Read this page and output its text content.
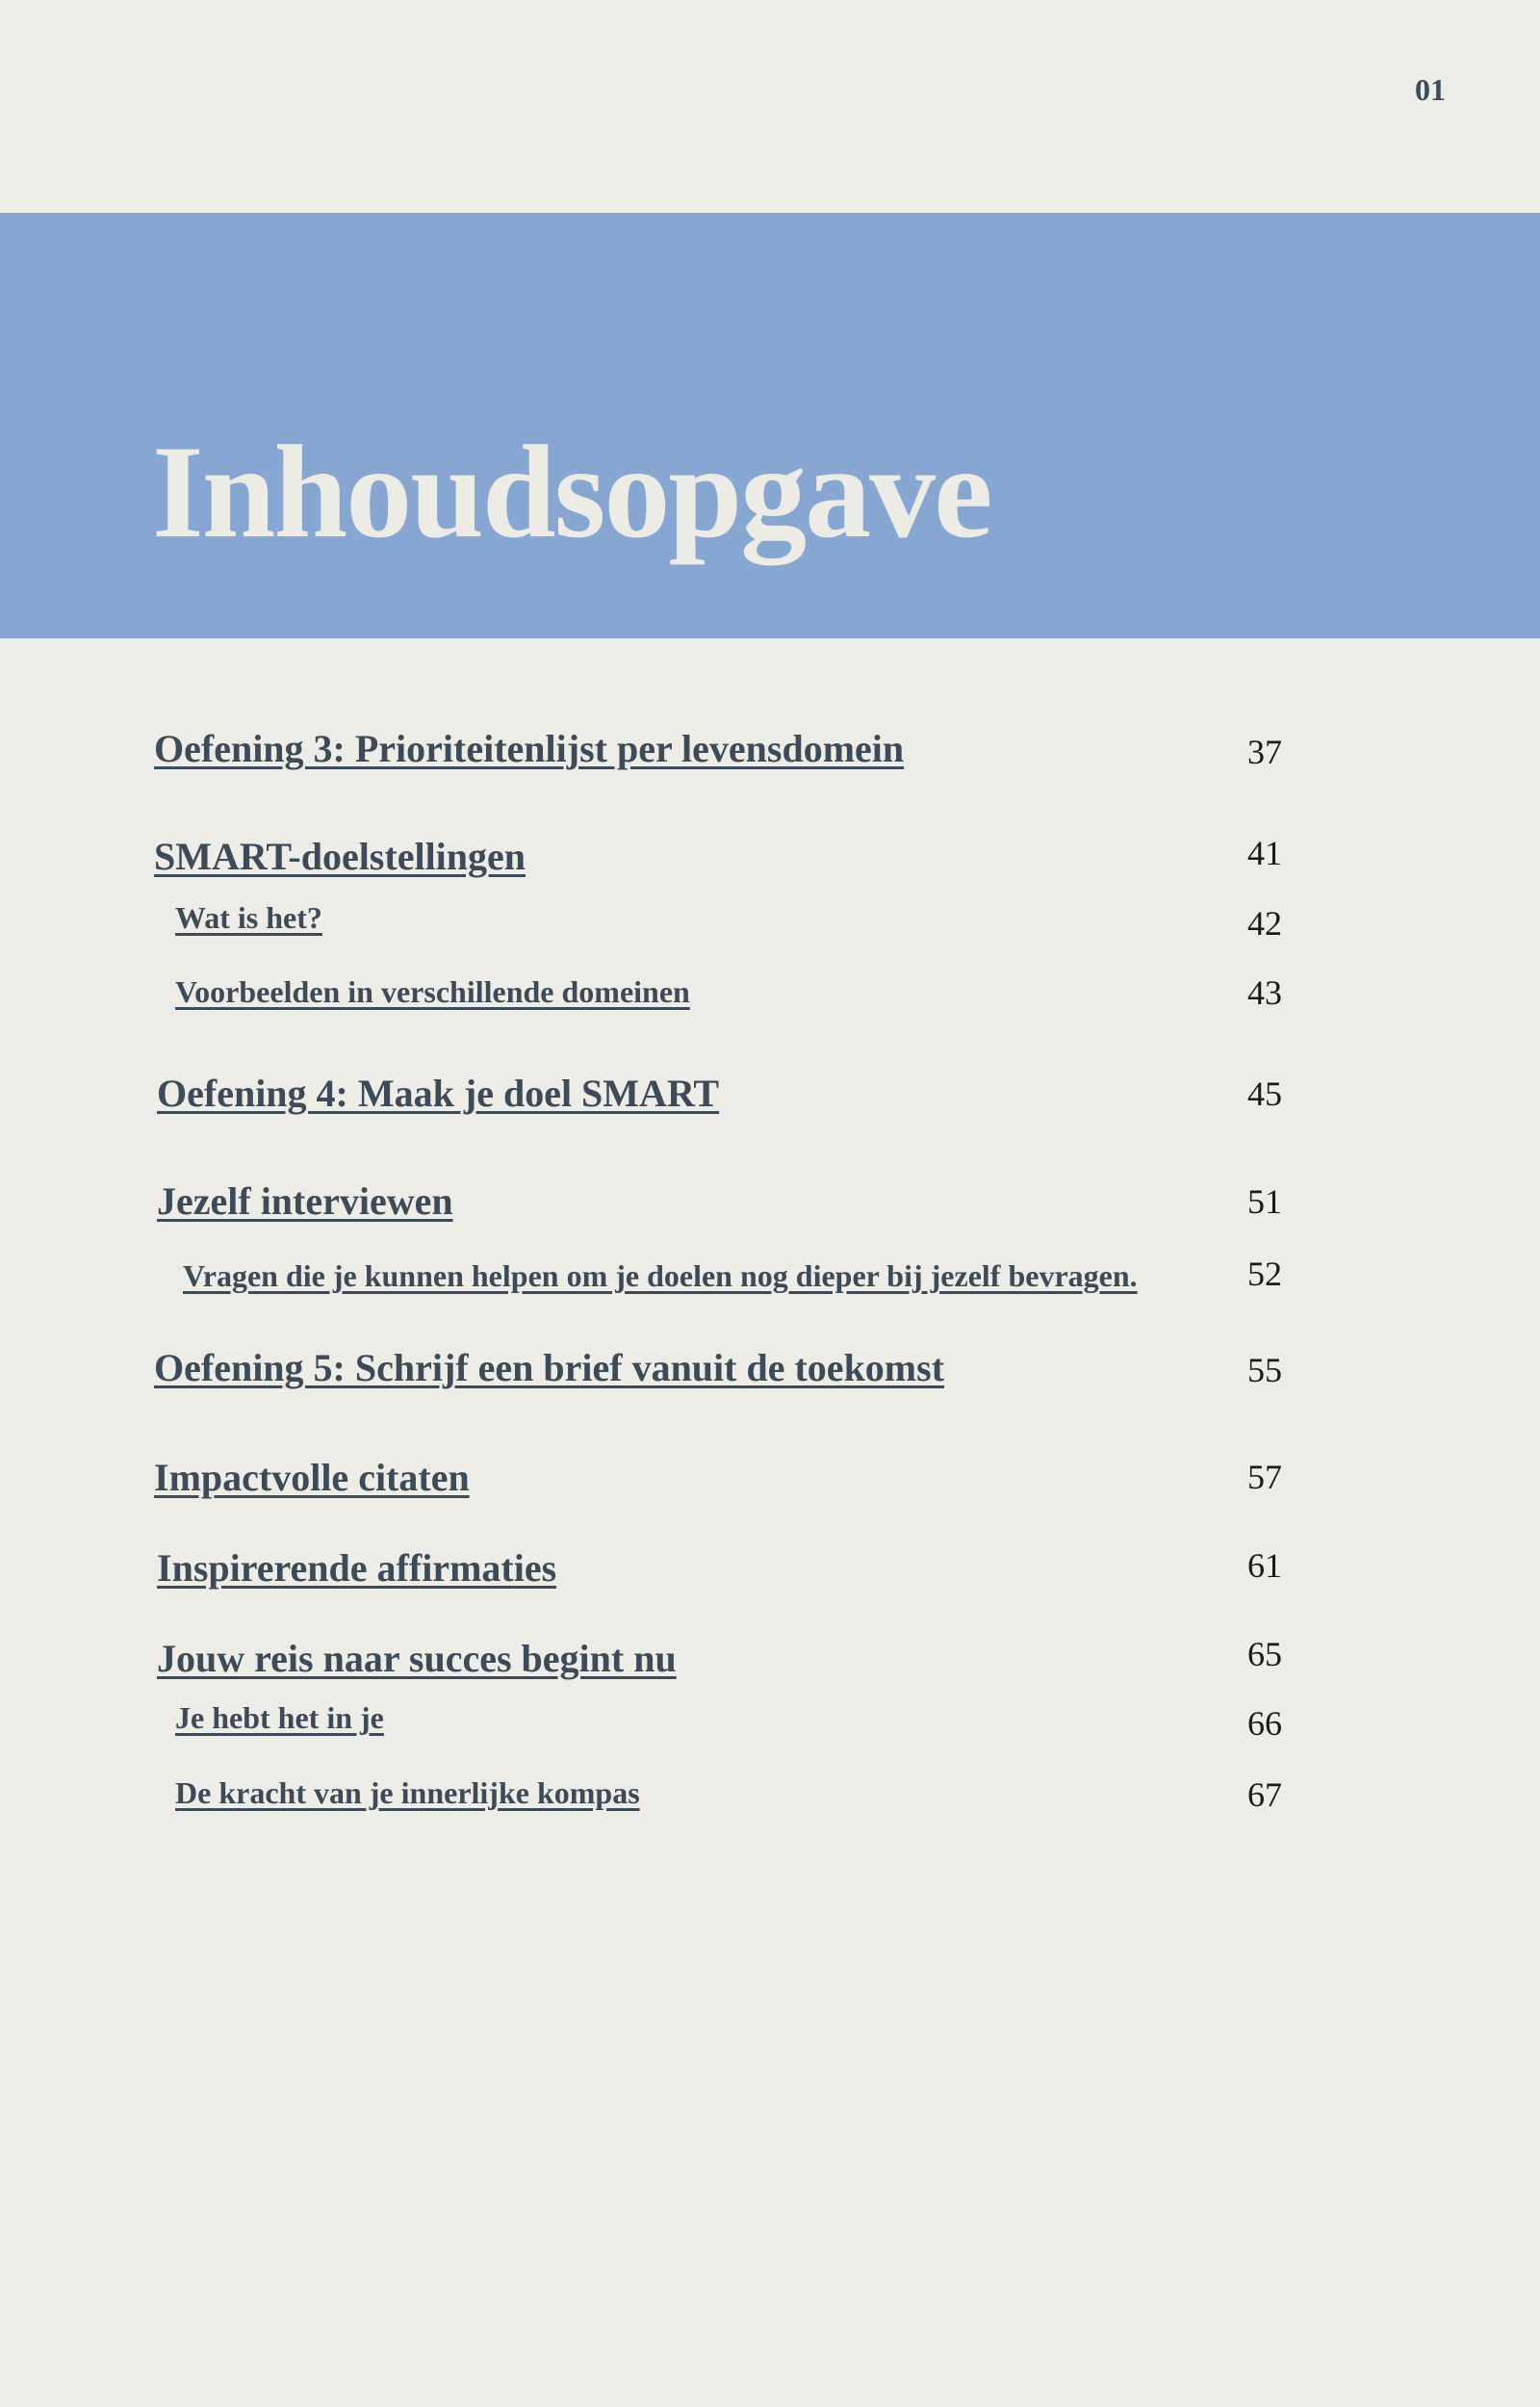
01
Inhoudsopgave
Oefening 3: Prioriteitenlijst per levensdomein	37
SMART-doelstellingen	41
Wat is het?	42
Voorbeelden in verschillende domeinen	43
Oefening 4: Maak je doel SMART	45
Jezelf interviewen	51
Vragen die je kunnen helpen om je doelen nog dieper bij jezelf bevragen.	52
Oefening 5: Schrijf een brief vanuit de toekomst	55
Impactvolle citaten	57
Inspirerende affirmaties	61
Jouw reis naar succes begint nu	65
Je hebt het in je	66
De kracht van je innerlijke kompas	67
